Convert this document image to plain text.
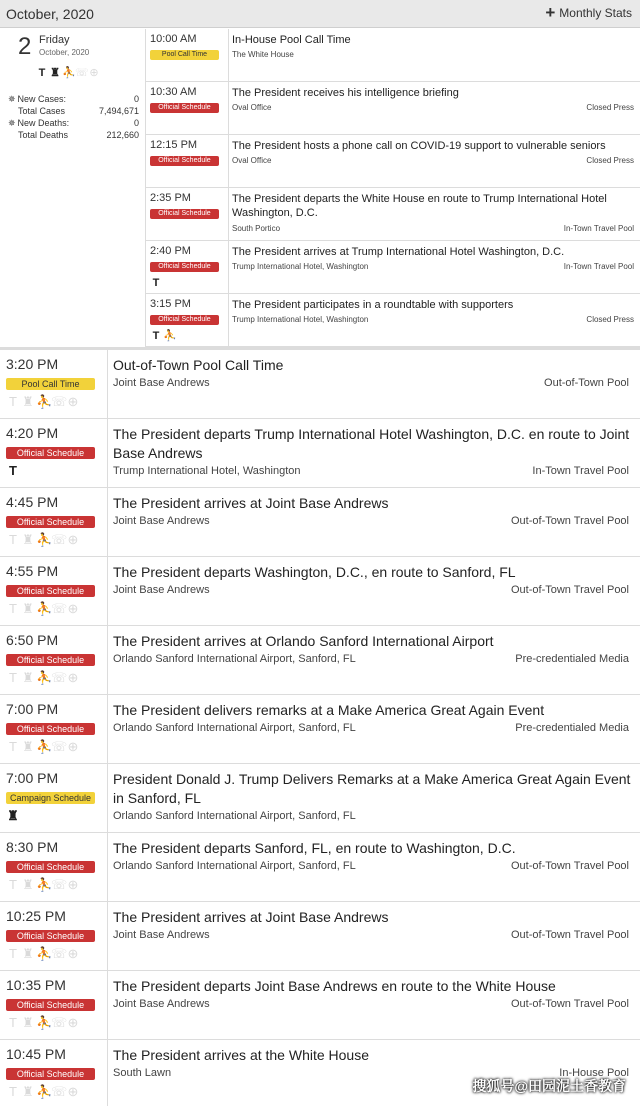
October, 2020	+ Monthly Stats
2 Friday
October, 2020
T ♜ ⛹ ☏ ⊕
✵ New Cases:	0
Total Cases	7,494,671
✵ New Deaths:	0
Total Deaths	212,660
10:00 AM
Pool Call Time
In-House Pool Call Time
The White House
10:30 AM
Official Schedule
The President receives his intelligence briefing
Oval Office	Closed Press
12:15 PM
Official Schedule
The President hosts a phone call on COVID-19 support to vulnerable seniors
Oval Office	Closed Press
2:35 PM
Official Schedule
The President departs the White House en route to Trump International Hotel Washington, D.C.
South Portico	In-Town Travel Pool
2:40 PM
Official Schedule
T
The President arrives at Trump International Hotel Washington, D.C.
Trump International Hotel, Washington	In-Town Travel Pool
3:15 PM
Official Schedule
T ⛹
The President participates in a roundtable with supporters
Trump International Hotel, Washington	Closed Press
3:20 PM
Pool Call Time
T ♜ ⛹
☏ ⊕
Out-of-Town Pool Call Time
Joint Base Andrews	Out-of-Town Pool
4:20 PM
Official Schedule
T
The President departs Trump International Hotel Washington, D.C. en route to Joint Base Andrews
Trump International Hotel, Washington	In-Town Travel Pool
4:45 PM
Official Schedule
T ♜ ⛹
☏ ⊕
The President arrives at Joint Base Andrews
Joint Base Andrews	Out-of-Town Travel Pool
4:55 PM
Official Schedule
T ♜ ⛹
☏ ⊕
The President departs Washington, D.C., en route to Sanford, FL
Joint Base Andrews	Out-of-Town Travel Pool
6:50 PM
Official Schedule
T ♜ ⛹
☏ ⊕
The President arrives at Orlando Sanford International Airport
Orlando Sanford International Airport, Sanford, FL	Pre-credentialed Media
7:00 PM
Official Schedule
T ♜ ⛹
☏ ⊕
The President delivers remarks at a Make America Great Again Event
Orlando Sanford International Airport, Sanford, FL	Pre-credentialed Media
7:00 PM
Campaign Schedule
♜
President Donald J. Trump Delivers Remarks at a Make America Great Again Event in Sanford, FL
Orlando Sanford International Airport, Sanford, FL
8:30 PM
Official Schedule
T ♜ ⛹
☏ ⊕
The President departs Sanford, FL, en route to Washington, D.C.
Orlando Sanford International Airport, Sanford, FL	Out-of-Town Travel Pool
10:25 PM
Official Schedule
T ♜ ⛹
☏ ⊕
The President arrives at Joint Base Andrews
Joint Base Andrews	Out-of-Town Travel Pool
10:35 PM
Official Schedule
T ♜ ⛹
☏ ⊕
The President departs Joint Base Andrews en route to the White House
Joint Base Andrews	Out-of-Town Travel Pool
10:45 PM
Official Schedule
T ♜ ⛹
☏ ⊕
The President arrives at the White House
South Lawn	In-House Pool
搜狐号@田园泥土香教育
